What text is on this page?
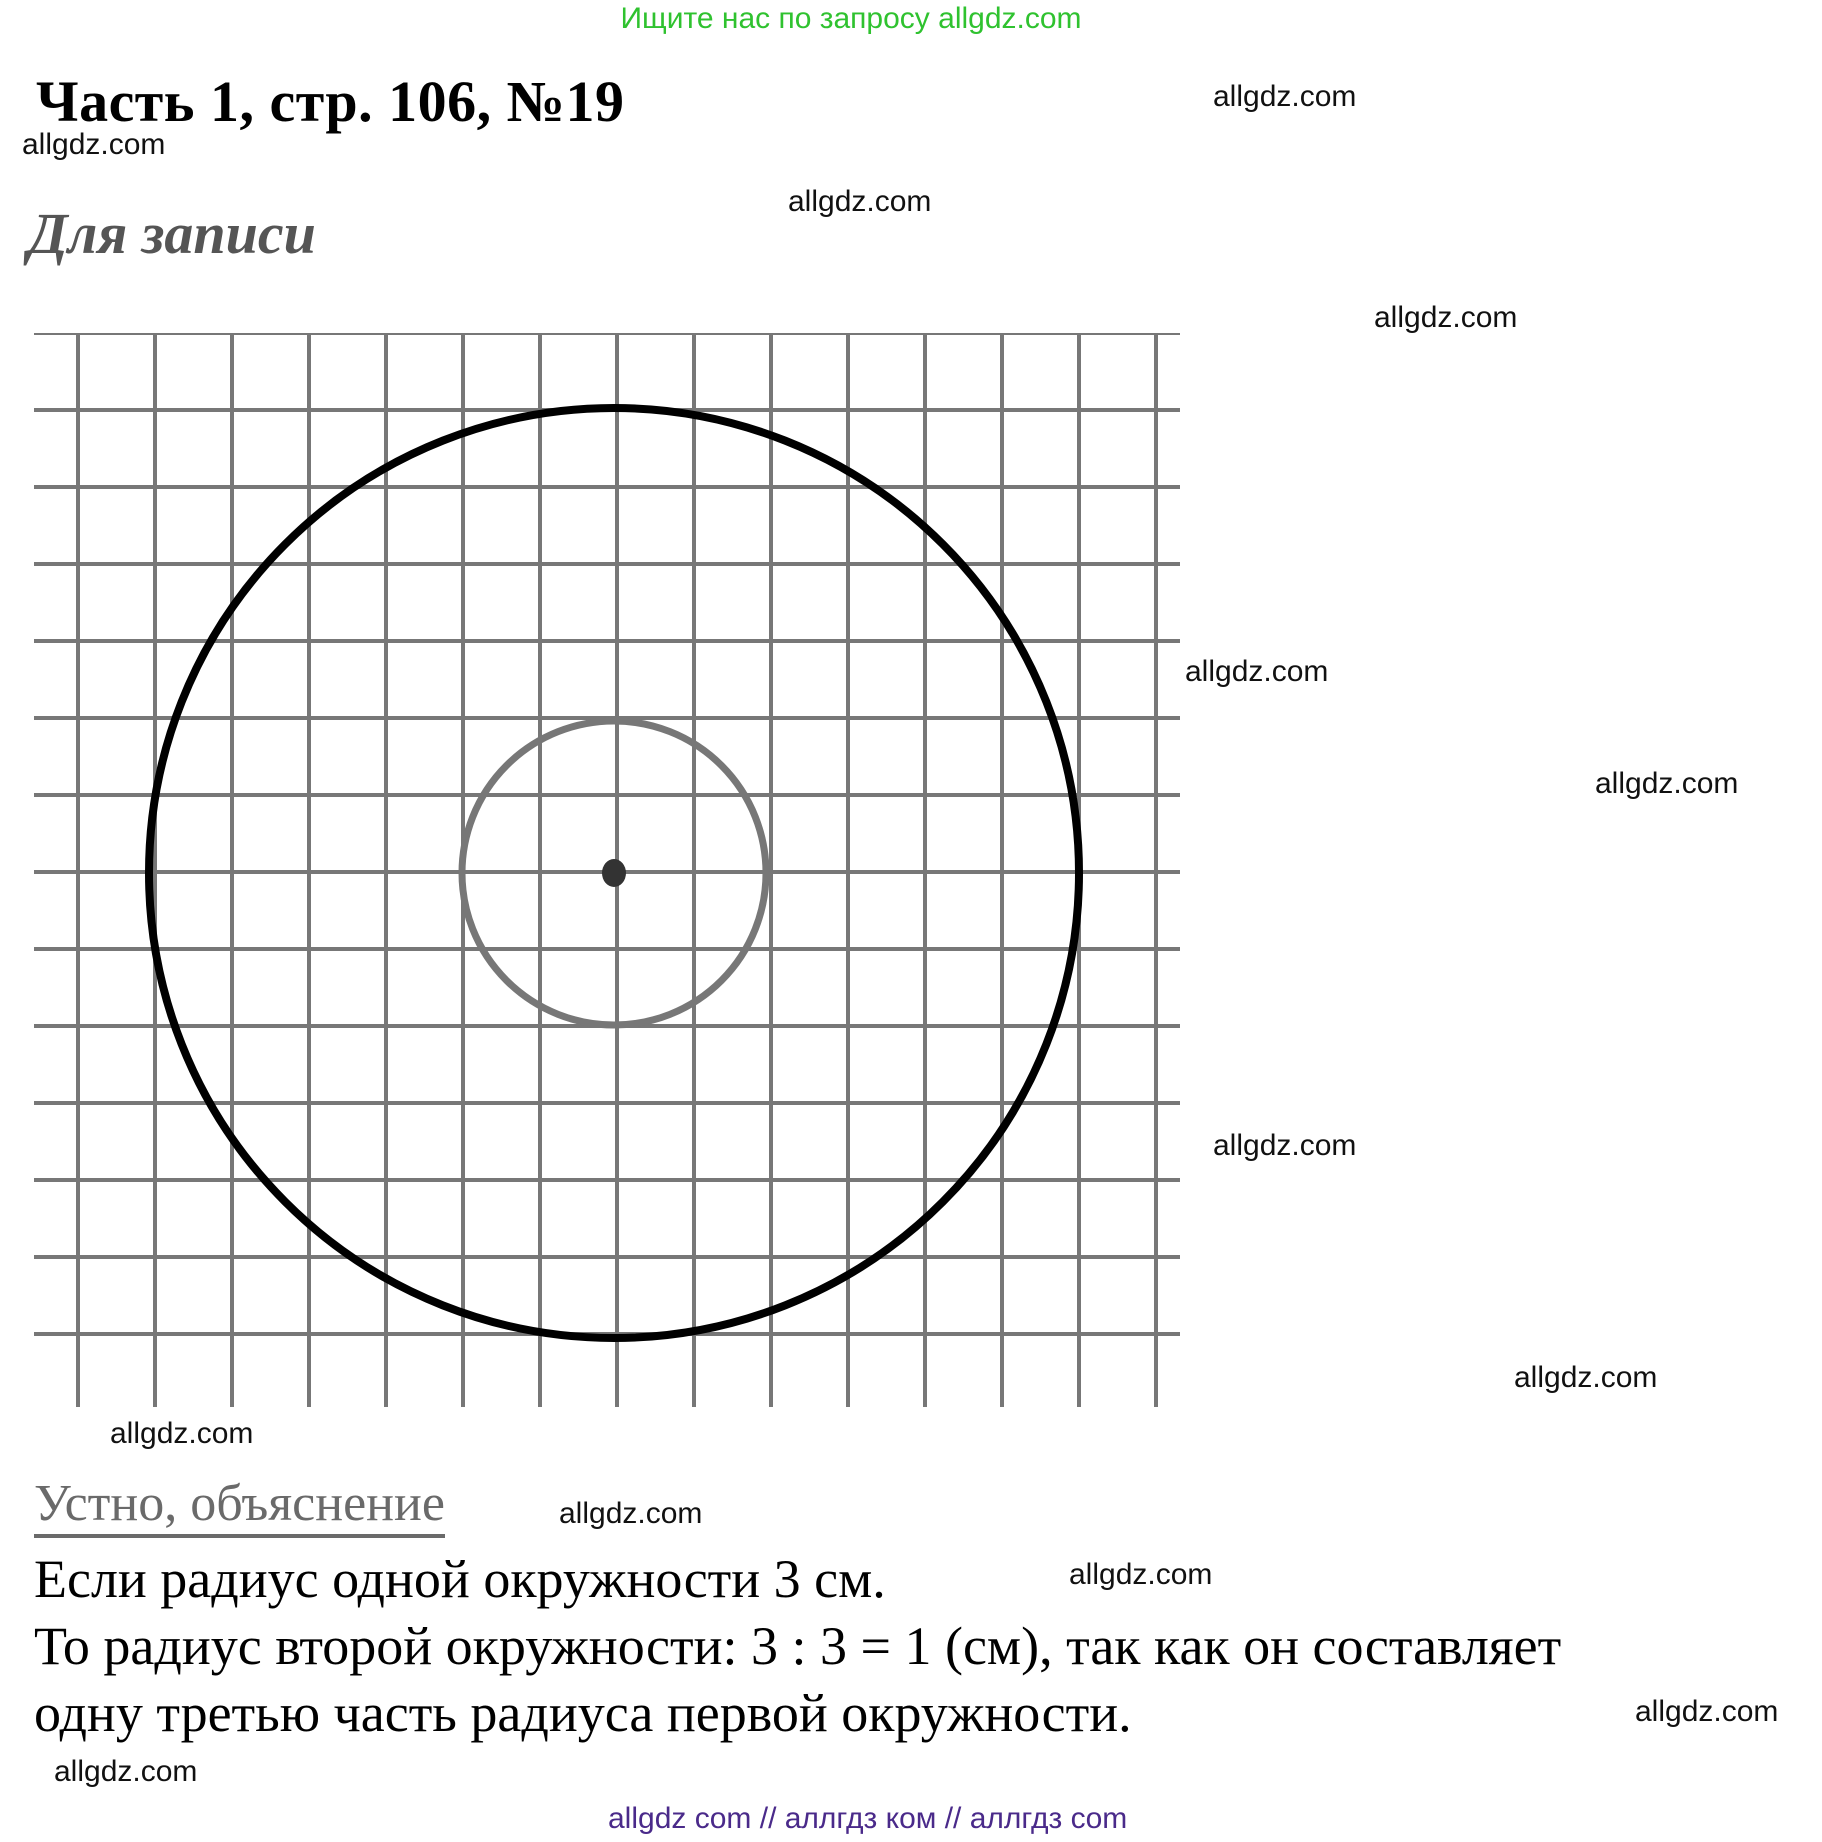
Ищите нас по запросу allgdz.com
Часть 1, стр. 106, №19
Для записи
Устно, объяснение
Если радиус одной окружности 3 см.
То радиус второй окружности: 3 : 3 = 1 (см), так как он составляет
одну третью часть радиуса первой окружности.
allgdz.com
allgdz.com
allgdz.com
allgdz.com
allgdz.com
allgdz.com
allgdz.com
allgdz.com
allgdz.com
allgdz.com
allgdz.com
allgdz.com
allgdz.com
allgdz com // аллгдз ком // аллгдз com
